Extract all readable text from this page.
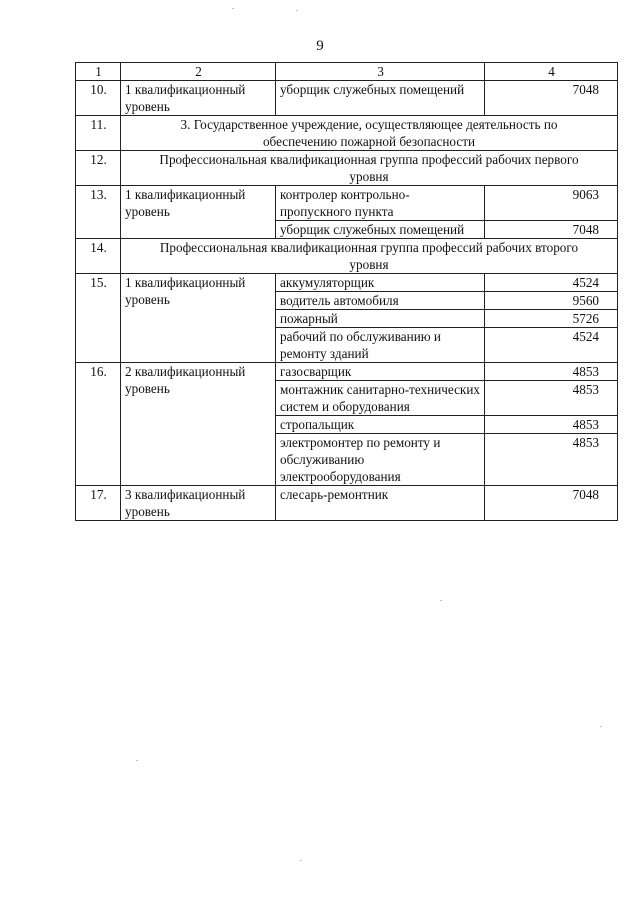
9
1	2	3	4
10.	1 квалификационный уровень	уборщик служебных помещений	7048
11.	3. Государственное учреждение, осуществляющее деятельность по обеспечению пожарной безопасности		
12.	Профессиональная квалификационная группа профессий рабочих первого уровня		
13.	1 квалификационный уровень	контролер контрольно-пропускного пункта	9063
		уборщик служебных помещений	7048
14.	Профессиональная квалификационная группа профессий рабочих второго уровня		
15.	1 квалификационный уровень	аккумуляторщик	4524
		водитель автомобиля	9560
		пожарный	5726
		рабочий по обслуживанию и ремонту зданий	4524
16.	2 квалификационный уровень	газосварщик	4853
		монтажник санитарно-технических систем и оборудования	4853
		стропальщик	4853
		электромонтер по ремонту и обслуживанию электрооборудования	4853
17.	3 квалификационный уровень	слесарь-ремонтник	7048
